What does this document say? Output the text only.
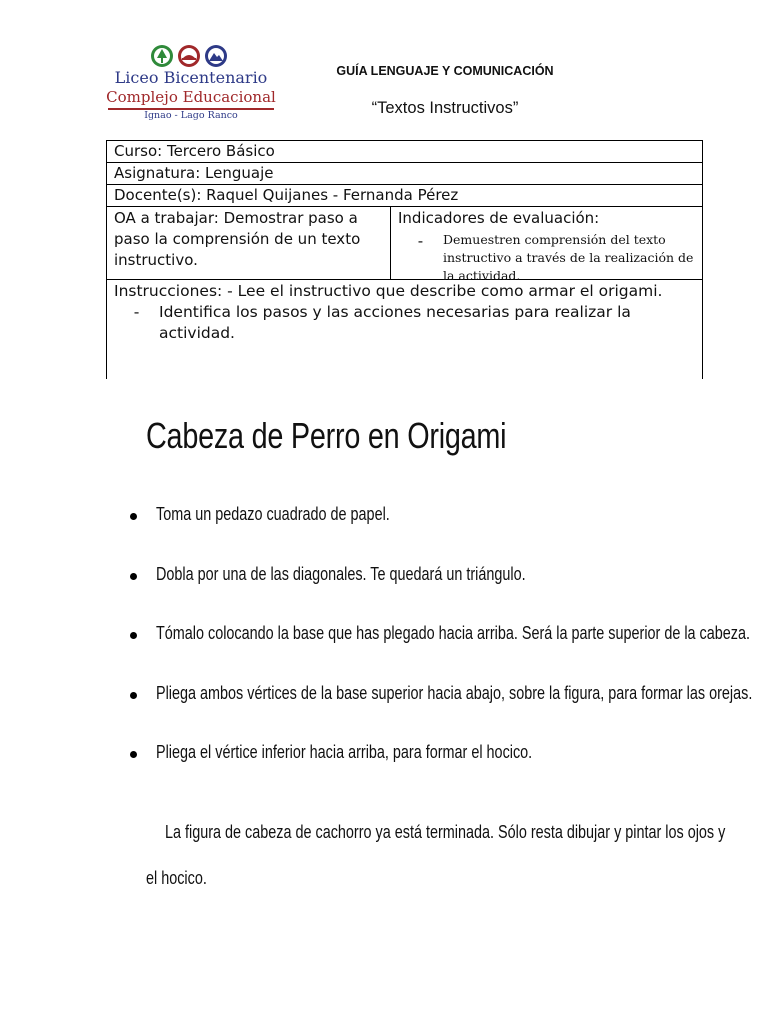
Liceo Bicentenario
Complejo Educacional
Ignao - Lago Ranco
GUÍA LENGUAJE Y COMUNICACIÓN
“Textos Instructivos”
Curso: Tercero Básico
Asignatura: Lenguaje
Docente(s): Raquel Quijanes - Fernanda Pérez
OA a trabajar: Demostrar paso a paso la comprensión de un texto instructivo.
Indicadores de evaluación:
-	Demuestren comprensión del texto instructivo a través de la realización de la actividad.
Instrucciones: - Lee el instructivo que describe como armar el origami.
-	Identifica los pasos y las acciones necesarias para realizar la actividad.
Cabeza de Perro en Origami
Toma un pedazo cuadrado de papel.
Dobla por una de las diagonales. Te quedará un triángulo.
Tómalo colocando la base que has plegado hacia arriba. Será la parte superior de la cabeza.
Pliega ambos vértices de la base superior hacia abajo, sobre la figura, para formar las orejas.
Pliega el vértice inferior hacia arriba, para formar el hocico.
La figura de cabeza de cachorro ya está terminada. Sólo resta dibujar y pintar los ojos y
el hocico.
